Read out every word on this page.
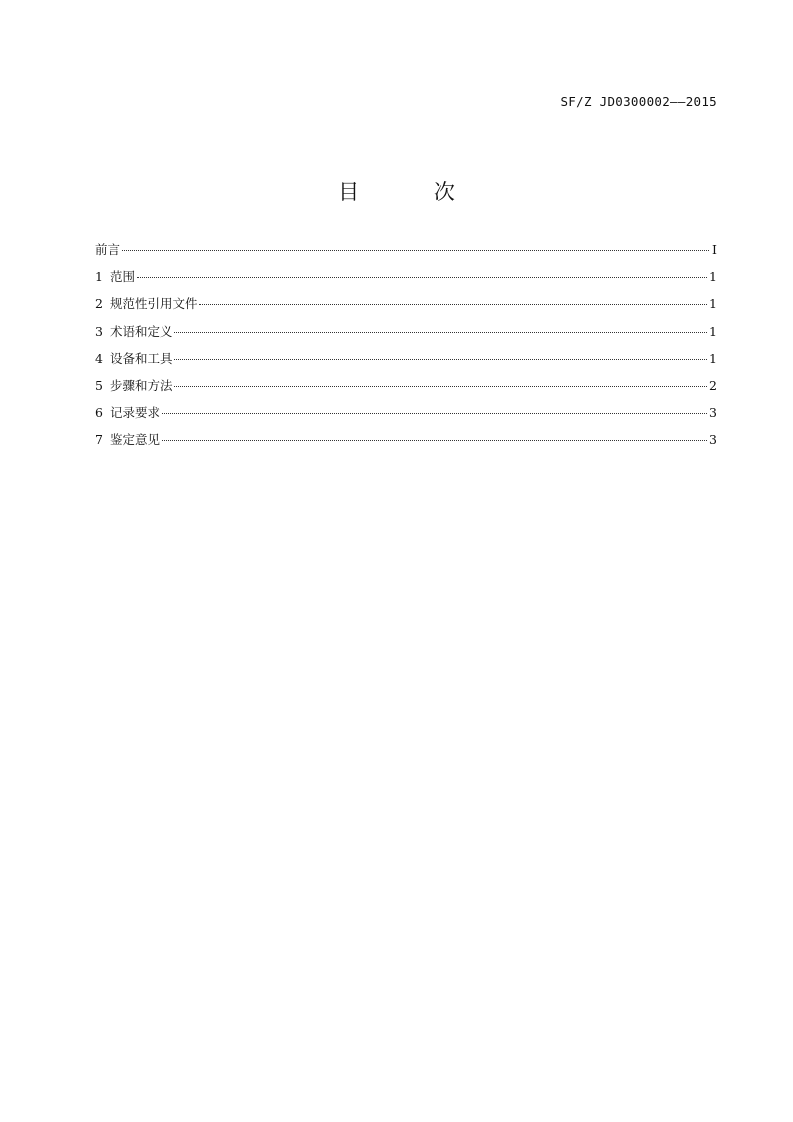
SF/Z JD0300002——2015
目 次
前言	I
1 范围	1
2 规范性引用文件	1
3 术语和定义	1
4 设备和工具	1
5 步骤和方法	2
6 记录要求	3
7 鉴定意见	3
